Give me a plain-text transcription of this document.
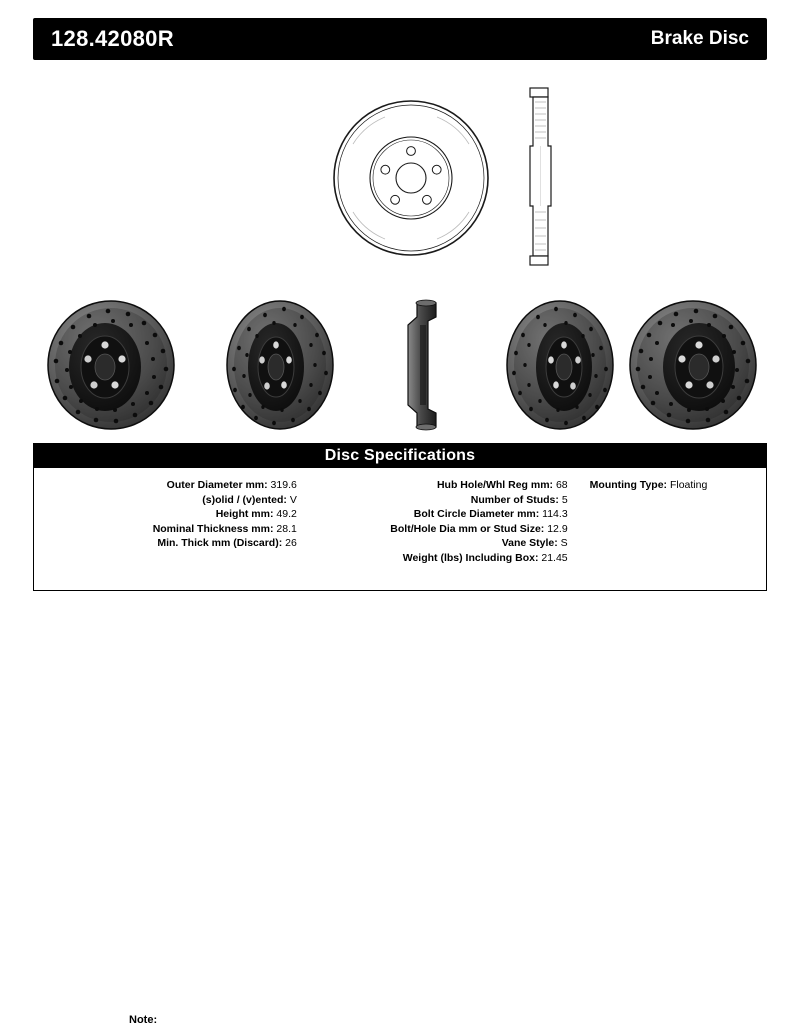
128.42080R	Brake Disc
Disc Specifications
Outer Diameter mm: 319.6
(s)olid / (v)ented: V
Height mm: 49.2
Nominal Thickness mm: 28.1
Min. Thick mm (Discard): 26
Hub Hole/Whl Reg mm: 68
Number of Studs: 5
Bolt Circle Diameter mm: 114.3
Bolt/Hole Dia mm or Stud Size: 12.9
Vane Style: S
Weight (lbs) Including Box: 21.45
Mounting Type: Floating
Note:
